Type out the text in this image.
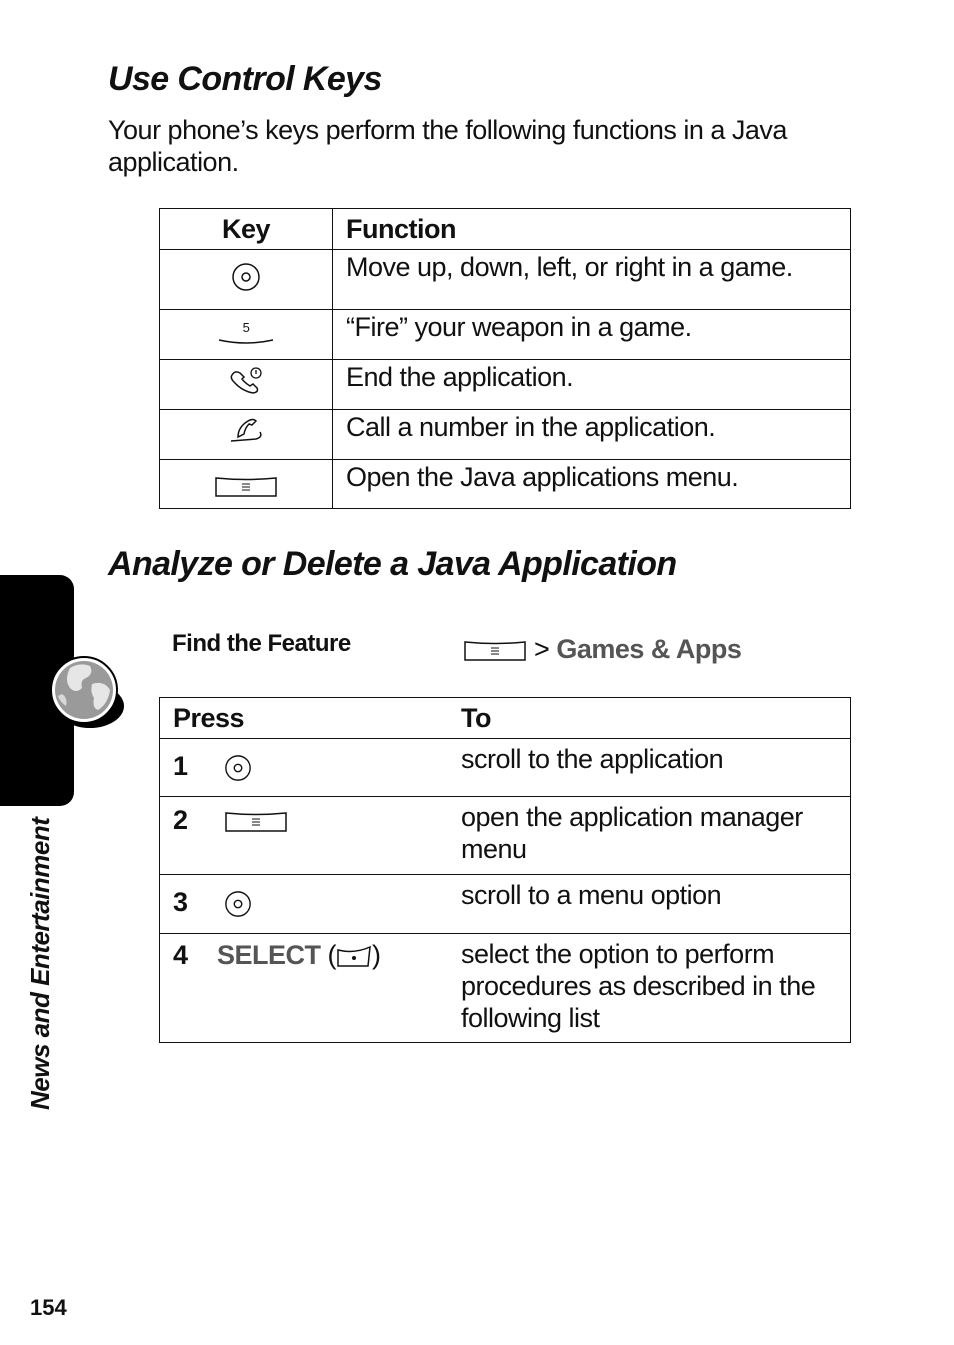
Use Control Keys

Your phone’s keys perform the following functions in a Java application.

Key	Function
	Move up, down, left, or right in a game.

5	“Fire” your weapon in a game.
	End the application.
	Call a number in the application.
	Open the Java applications menu.
Analyze or Delete a Java Application
Find the Feature	> Games & Apps
Press	To
1	scroll to the application
2	open the application manager menu
3	scroll to a menu option
4 SELECT ( )	select the option to perform procedures as described in the following list
News and Entertainment
154
